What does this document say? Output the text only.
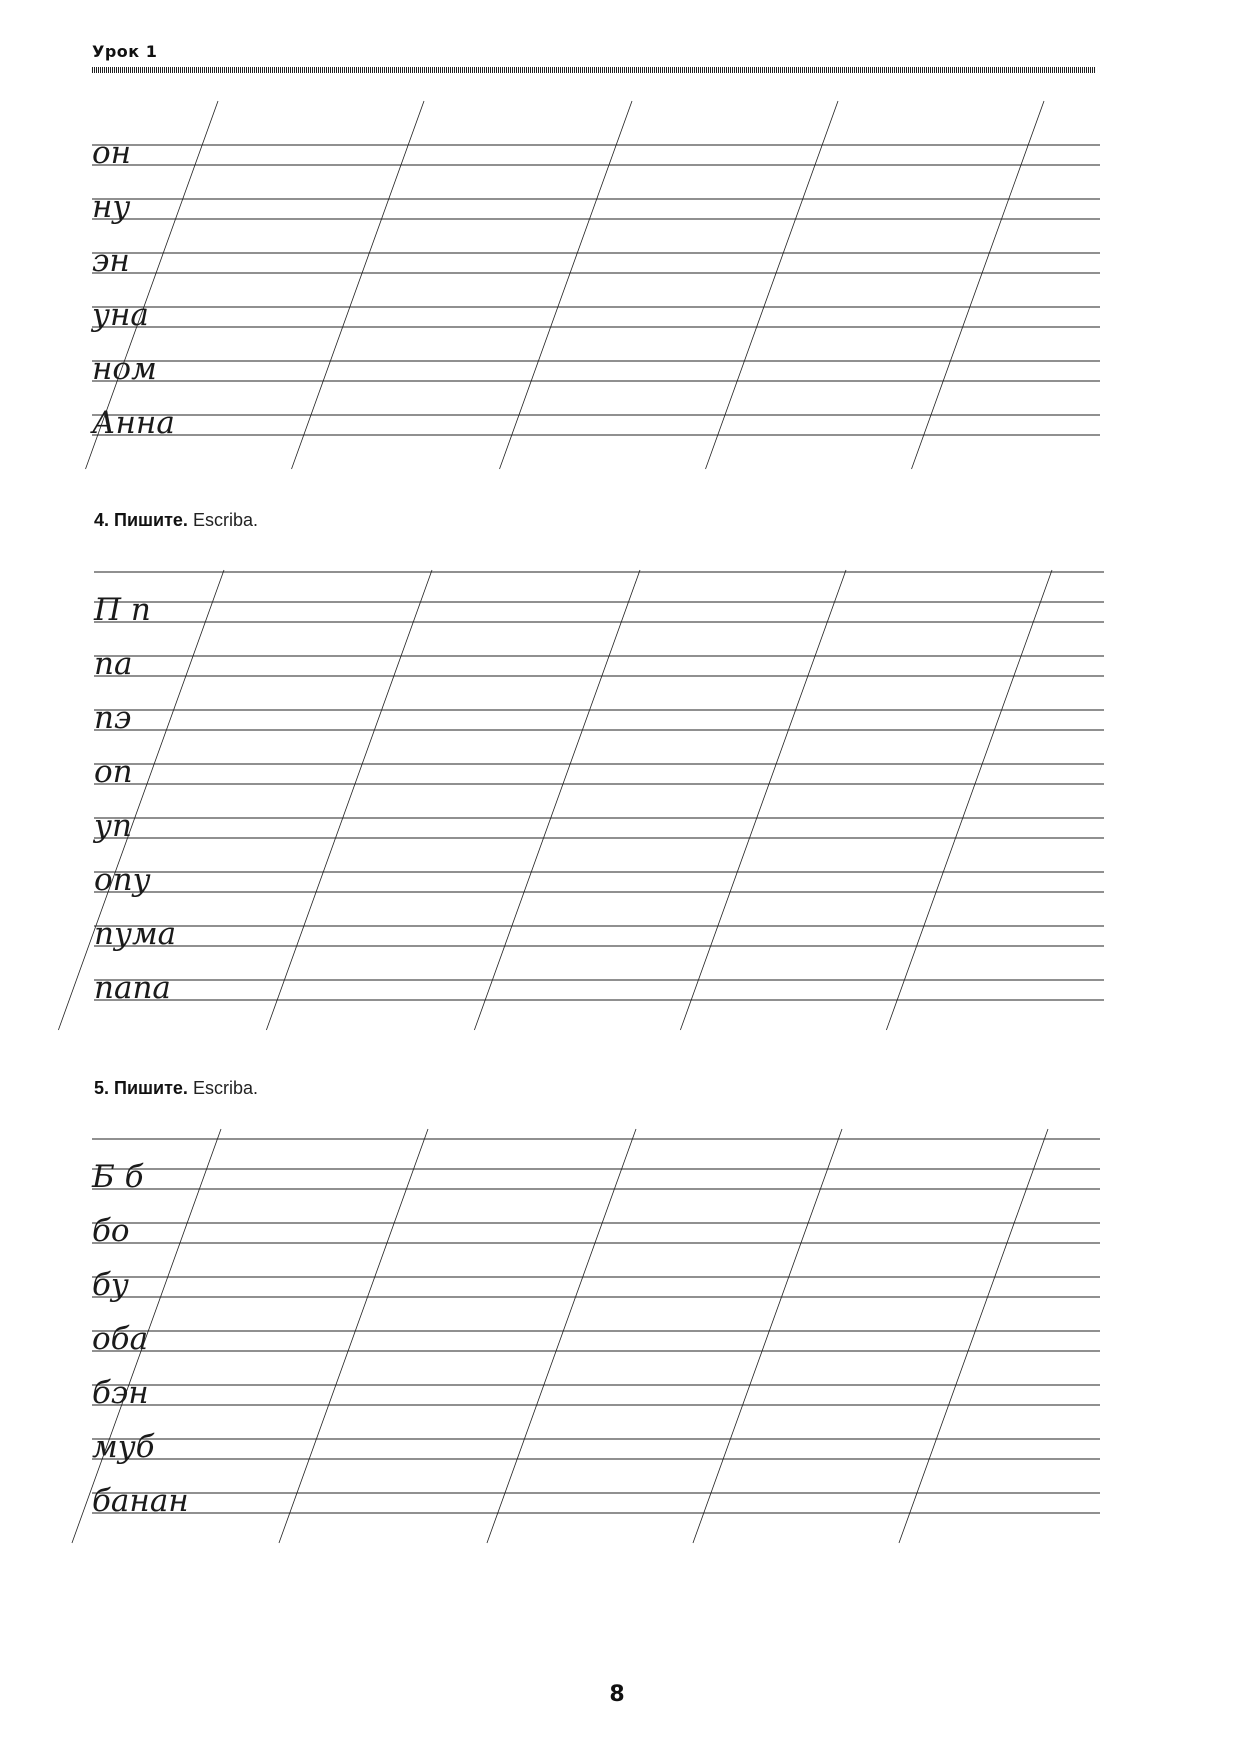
Урок 1
4. Пишите. Escriba.
5. Пишите. Escriba.
он
ну
эн
уна
ном
Анна
П п
па
пэ
оп
уп
опу
пума
папа
Б б
бо
бу
оба
бэн
муб
банан
8
